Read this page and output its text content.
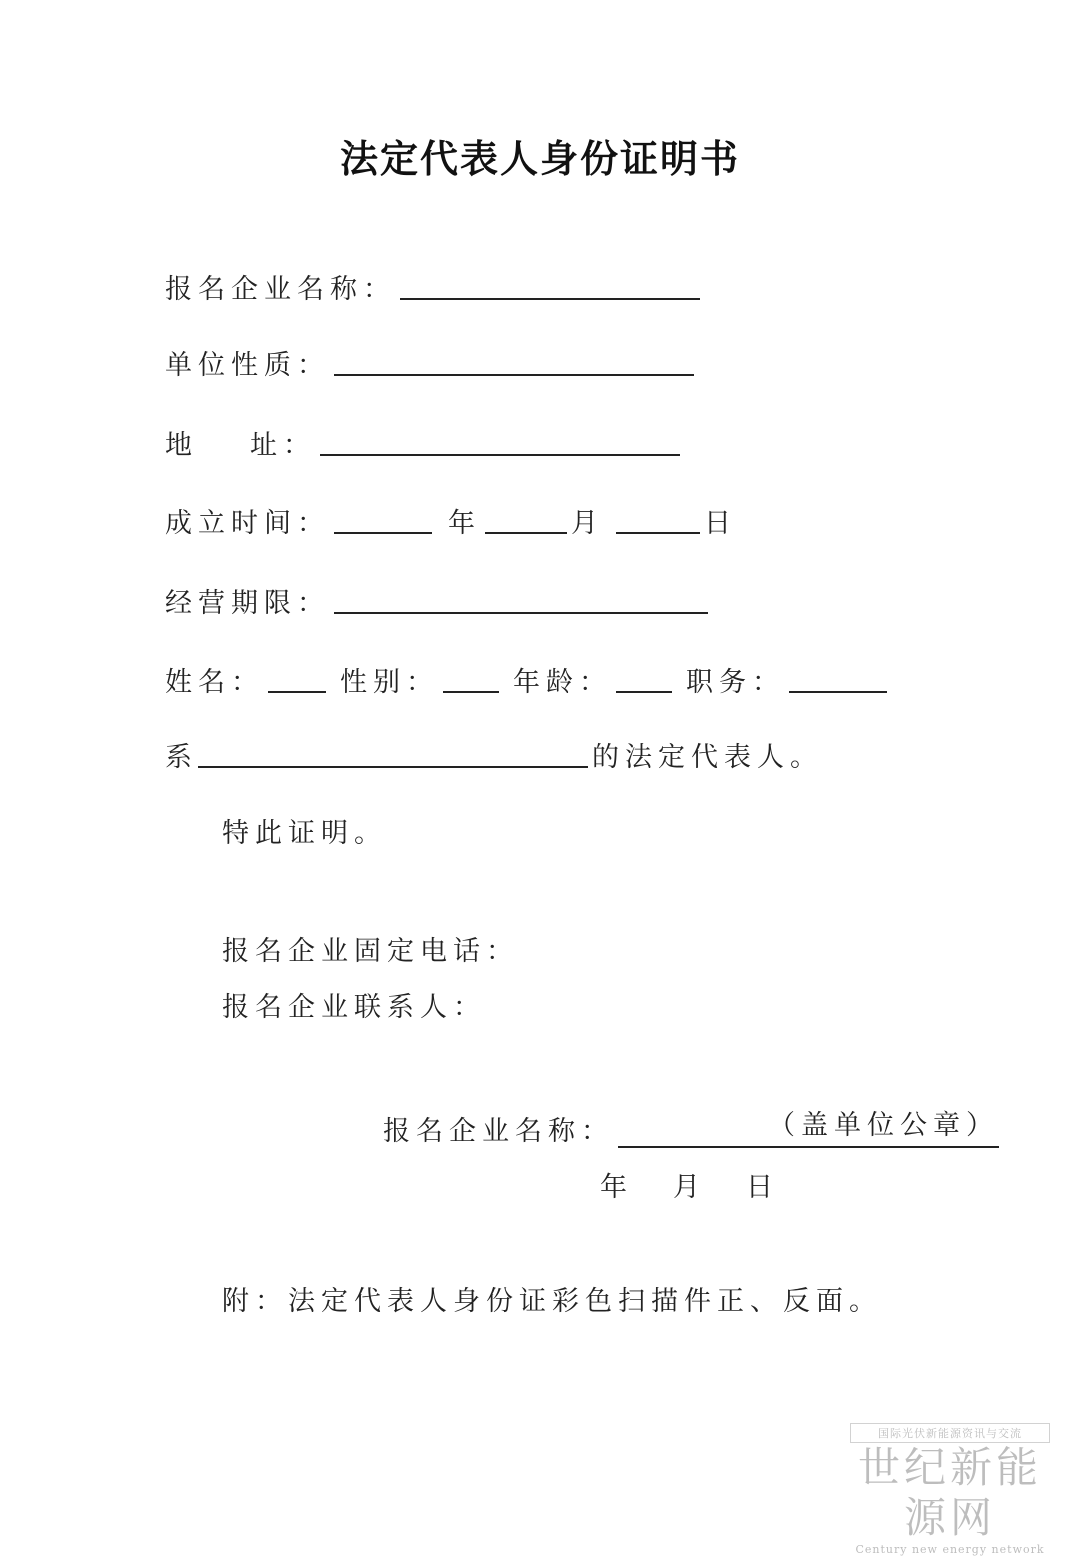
法定代表人身份证明书
报名企业名称：
单位性质：
地 址：
成立时间：	年	月	日
经营期限：
姓名：	性别：	年龄：	职务：
系	的法定代表人。
特此证明。
报名企业固定电话：
报名企业联系人：
报名企业名称：	（盖单位公章）
年 月 日
附：法定代表人身份证彩色扫描件正、反面。
国际光伏新能源资讯与交流
世纪新能源网
Century new energy network
